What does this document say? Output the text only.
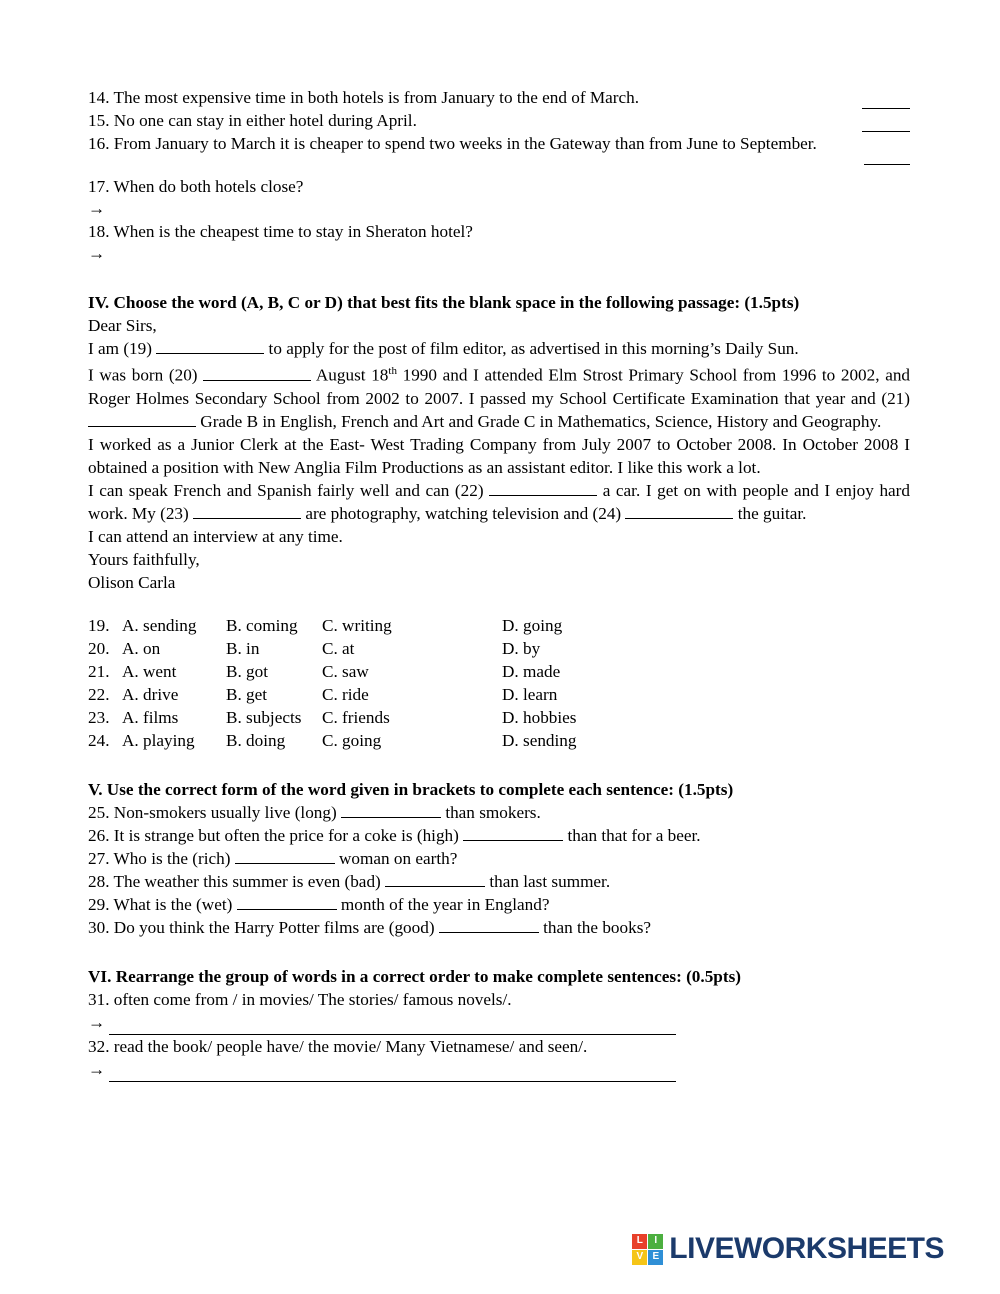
14. The most expensive time in both hotels is from January to the end of March.
15. No one can stay in either hotel during April.
16. From January to March it is cheaper to spend two weeks in the Gateway than from June to September.
17. When do both hotels close?
→
18. When is the cheapest time to stay in Sheraton hotel?
→
IV. Choose the word (A, B, C or D) that best fits the blank space in the following passage: (1.5pts)
Dear Sirs,
I am (19)	to apply for the post of film editor, as advertised in this morning’s Daily Sun.
I was born (20)	August 18th 1990 and I attended Elm Strost Primary School from 1996 to 2002, and Roger Holmes Secondary School from 2002 to 2007. I passed my School Certificate Examination that year and (21)  Grade B in English, French and Art and Grade C in Mathematics, Science, History and Geography.
I worked as a Junior Clerk at the East- West Trading Company from July 2007 to October 2008. In October 2008 I obtained a position with New Anglia Film Productions as an assistant editor. I like this work a lot.
I can speak French and Spanish fairly well and can (22)	a car. I get on with people and I enjoy hard work. My (23)	are photography, watching television and (24)	the guitar.
I can attend an interview at any time.
Yours faithfully,
Olison Carla
19.	A. sending	B. coming	C. writing	D. going
20.	A. on	B. in	C. at	D. by
21.	A. went	B. got	C. saw	D. made
22.	A. drive	B. get	C. ride	D. learn
23.	A. films	B. subjects	C. friends	D. hobbies
24.	A. playing	B. doing	C. going	D. sending
V. Use the correct form of the word given in brackets to complete each sentence: (1.5pts)
25. Non-smokers usually live (long)	than smokers.
26. It is strange but often the price for a coke is (high)	than that for a beer.
27. Who is the (rich)	woman on earth?
28. The weather this summer is even (bad)	than last summer.
29. What is the (wet)	month of the year in England?
30. Do you think the Harry Potter films are (good)	than the books?
VI. Rearrange the group of words in a correct order to make complete sentences: (0.5pts)
31. often come from / in movies/ The stories/ famous novels/.
→
32. read the book/ people have/ the movie/ Many Vietnamese/ and seen/.
→
L	I
V E LIVEWORKSHEETS
